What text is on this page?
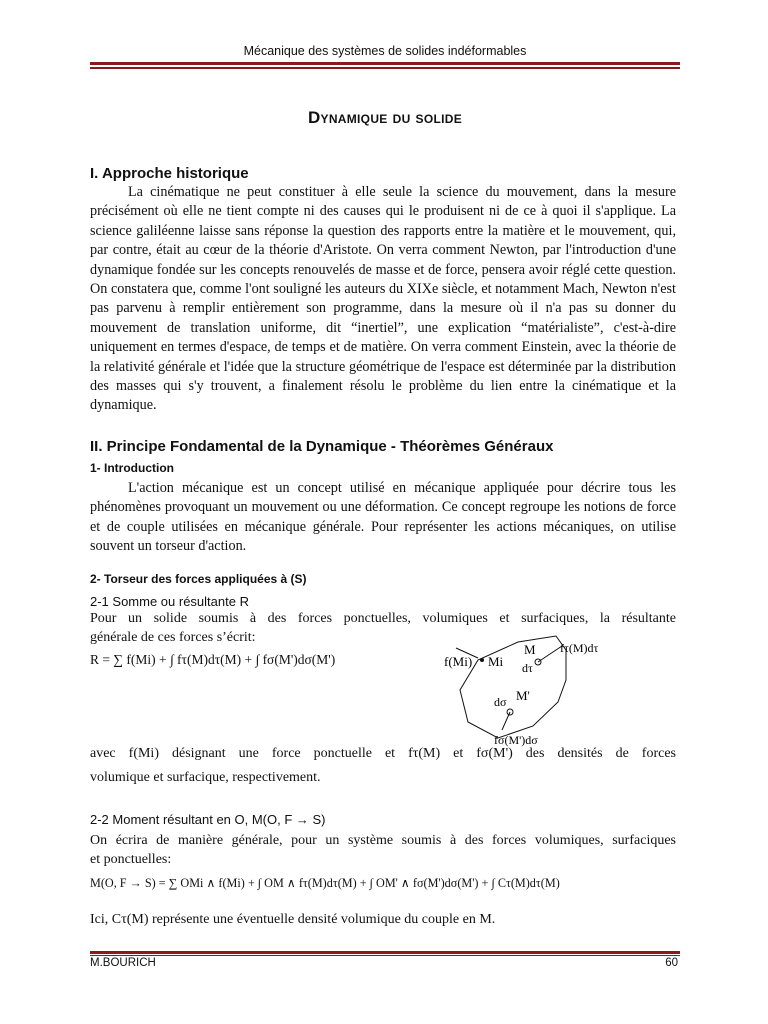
Mécanique des systèmes de solides indéformables
Dynamique du solide
I. Approche historique
La cinématique ne peut constituer à elle seule la science du mouvement, dans la mesure précisément où elle ne tient compte ni des causes qui le produisent ni de ce à quoi il s'applique. La science galiléenne laisse sans réponse la question des rapports entre la matière et le mouvement, qui, par contre, était au cœur de la théorie d'Aristote. On verra comment Newton, par l'introduction d'une dynamique fondée sur les concepts renouvelés de masse et de force, pensera avoir réglé cette question. On constatera que, comme l'ont souligné les auteurs du XIXe siècle, et notamment Mach, Newton n'est pas parvenu à remplir entièrement son programme, dans la mesure où il n'a pas su donner du mouvement de translation uniforme, dit “inertiel”, une explication “matérialiste”, c'est-à-dire uniquement en termes d'espace, de temps et de matière. On verra comment Einstein, avec la théorie de la relativité générale et l'idée que la structure géométrique de l'espace est déterminée par la distribution des masses qui s'y trouvent, a finalement résolu le problème du lien entre la cinématique et la dynamique.
II. Principe Fondamental de la Dynamique - Théorèmes Généraux
1- Introduction
L'action mécanique est un concept utilisé en mécanique appliquée pour décrire tous les phénomènes provoquant un mouvement ou une déformation. Ce concept regroupe les notions de force et de couple utilisées en mécanique générale. Pour représenter les actions mécaniques, on utilise souvent un torseur d'action.
2- Torseur des forces appliquées à (S)
2-1 Somme ou résultante R
Pour un solide soumis à des forces ponctuelles, volumiques et surfaciques, la résultante
générale de ces forces s’écrit:
R = ∑ f(Mi) + ∫ fτ(M)dτ(M) + ∫ fσ(M')dσ(M')	f(Mi) Mi
M
dτ
fτ(M)dτ
dσ M'
fσ(M')dσ
avec f(Mi) désignant une force ponctuelle et fτ(M) et fσ(M') des densités de forces
volumique et surfacique, respectivement.
2-2 Moment résultant en O, M(O, F → S)
On écrira de manière générale, pour un système soumis à des forces volumiques, surfaciques
et ponctuelles:
M(O, F → S) = ∑ OMi ∧ f(Mi) + ∫ OM ∧ fτ(M)dτ(M) + ∫ OM' ∧ fσ(M')dσ(M') + ∫ Cτ(M)dτ(M)
Ici, Cτ(M) représente une éventuelle densité volumique du couple en M.
M.BOURICH	60
